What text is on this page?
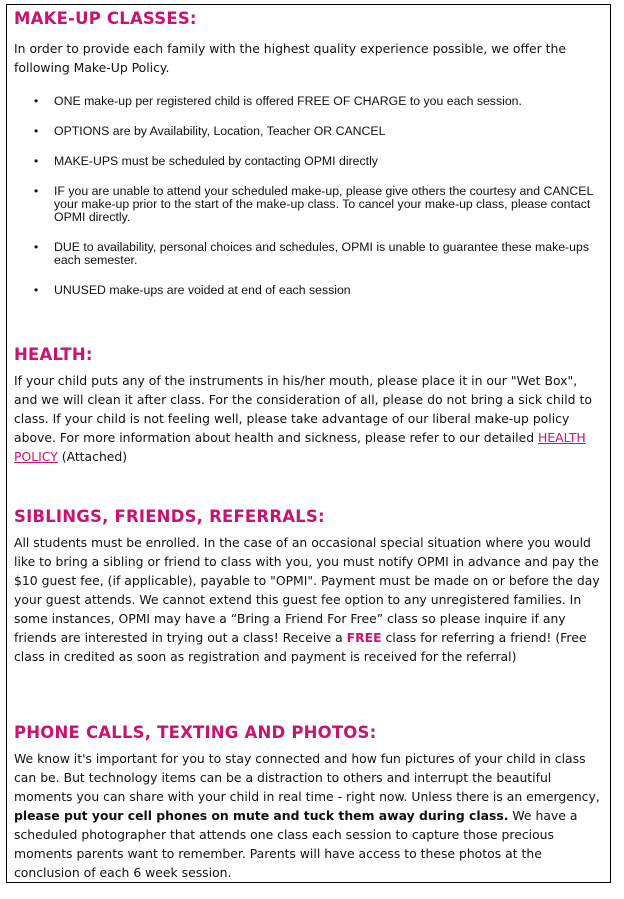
MAKE-UP CLASSES:

In order to provide each family with the highest quality experience possible, we offer the following Make-Up Policy.

• ONE make-up per registered child is offered FREE OF CHARGE to you each session.
• OPTIONS are by Availability, Location, Teacher OR CANCEL
• MAKE-UPS must be scheduled by contacting OPMI directly
• IF you are unable to attend your scheduled make-up, please give others the courtesy and CANCEL your make-up prior to the start of the make-up class. To cancel your make-up class, please contact OPMI directly.
• DUE to availability, personal choices and schedules, OPMI is unable to guarantee these make-ups each semester.
• UNUSED make-ups are voided at end of each session
HEALTH:

If your child puts any of the instruments in his/her mouth, please place it in our "Wet Box", and we will clean it after class. For the consideration of all, please do not bring a sick child to class. If your child is not feeling well, please take advantage of our liberal make-up policy above. For more information about health and sickness, please refer to our detailed HEALTH POLICY (Attached)

SIBLINGS, FRIENDS, REFERRALS:

All students must be enrolled. In the case of an occasional special situation where you would like to bring a sibling or friend to class with you, you must notify OPMI in advance and pay the $10 guest fee, (if applicable), payable to "OPMI". Payment must be made on or before the day your guest attends. We cannot extend this guest fee option to any unregistered families. In some instances, OPMI may have a “Bring a Friend For Free” class so please inquire if any friends are interested in trying out a class! Receive a FREE class for referring a friend! (Free class in credited as soon as registration and payment is received for the referral)

PHONE CALLS, TEXTING AND PHOTOS:

We know it's important for you to stay connected and how fun pictures of your child in class can be. But technology items can be a distraction to others and interrupt the beautiful moments you can share with your child in real time - right now. Unless there is an emergency, please put your cell phones on mute and tuck them away during class. We have a scheduled photographer that attends one class each session to capture those precious moments parents want to remember. Parents will have access to these photos at the conclusion of each 6 week session.
